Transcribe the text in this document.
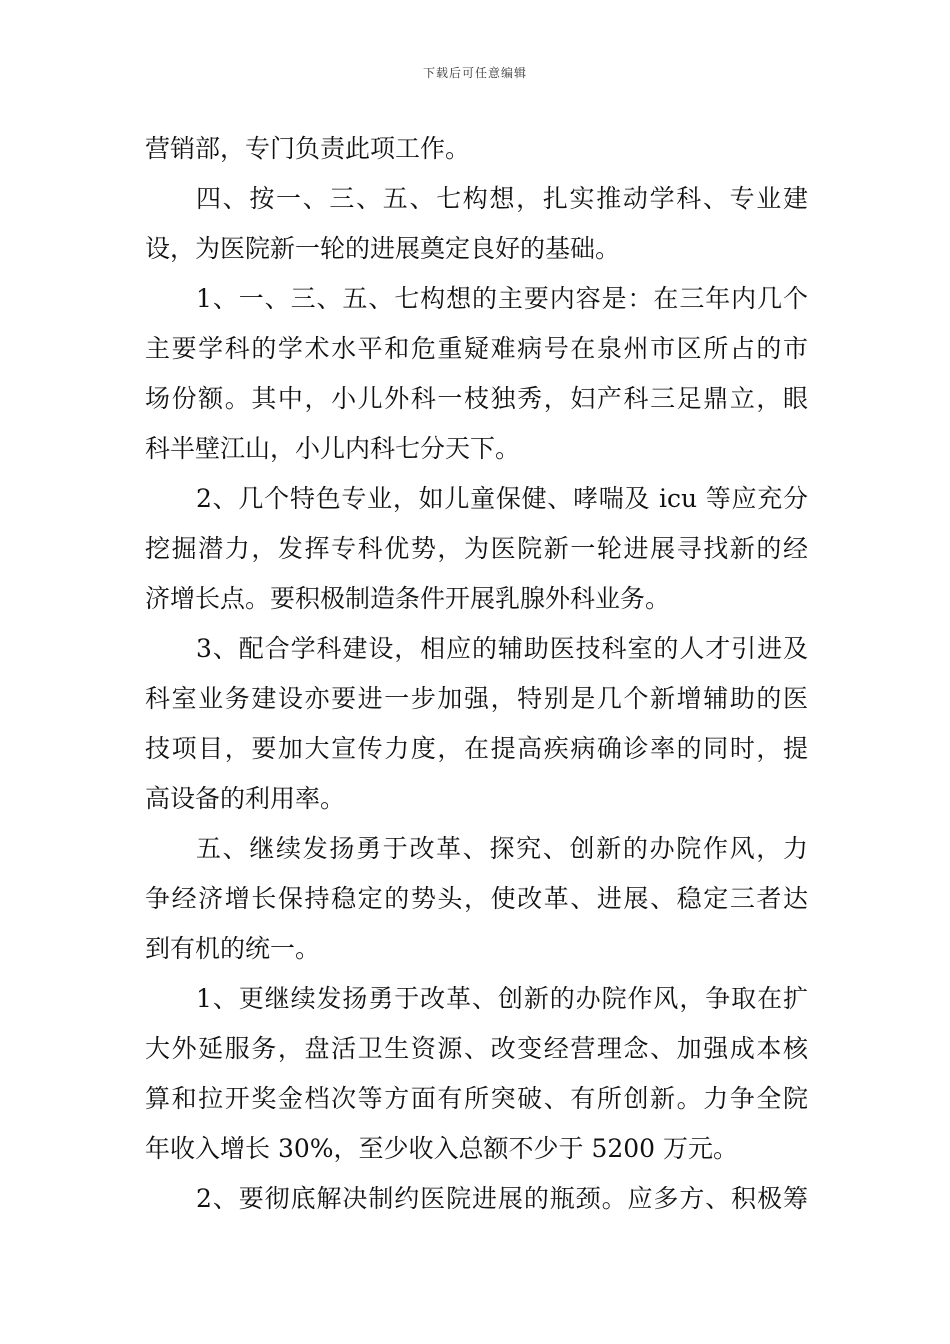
下载后可任意编辑
营销部，专门负责此项工作。
四、按一、三、五、七构想，扎实推动学科、专业建
设，为医院新一轮的进展奠定良好的基础。
1、一、三、五、七构想的主要内容是：在三年内几个
主要学科的学术水平和危重疑难病号在泉州市区所占的市
场份额。其中，小儿外科一枝独秀，妇产科三足鼎立，眼
科半壁江山，小儿内科七分天下。
2、几个特色专业，如儿童保健、哮喘及 icu 等应充分
挖掘潜力，发挥专科优势，为医院新一轮进展寻找新的经
济增长点。要积极制造条件开展乳腺外科业务。
3、配合学科建设，相应的辅助医技科室的人才引进及
科室业务建设亦要进一步加强，特别是几个新增辅助的医
技项目，要加大宣传力度，在提高疾病确诊率的同时，提
高设备的利用率。
五、继续发扬勇于改革、探究、创新的办院作风，力
争经济增长保持稳定的势头，使改革、进展、稳定三者达
到有机的统一。
1、更继续发扬勇于改革、创新的办院作风，争取在扩
大外延服务，盘活卫生资源、改变经营理念、加强成本核
算和拉开奖金档次等方面有所突破、有所创新。力争全院
年收入增长 30%，至少收入总额不少于 5200 万元。
2、要彻底解决制约医院进展的瓶颈。应多方、积极筹
